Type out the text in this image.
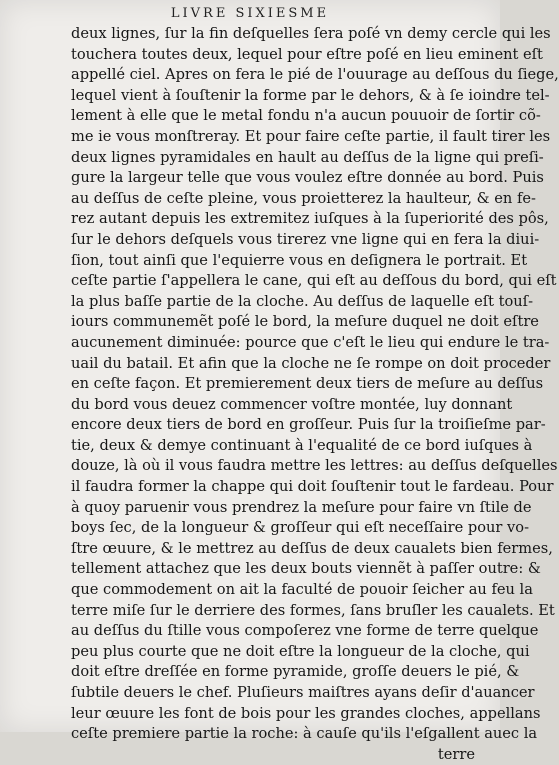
LIVRE SIXIESME
deux lignes, ſur la fin deſquelles ſera poſé vn demy cercle qui les
touchera toutes deux, lequel pour eſtre poſé en lieu eminent eſt
appellé ciel. Apres on fera le pié de l'ouurage au deſſous du ſiege,
lequel vient à ſouſtenir la forme par le dehors, & à ſe ioindre tel-
lement à elle que le metal fondu n'a aucun pouuoir de ſortir cõ-
me ie vous monſtreray. Et pour faire ceſte partie, il fault tirer les
deux lignes pyramidales en hault au deſſus de la ligne qui preſi-
gure la largeur telle que vous voulez eſtre donnée au bord. Puis
au deſſus de ceſte pleine, vous proietterez la haulteur, & en fe-
rez autant depuis les extremitez iuſques à la ſuperiorité des pôs,
ſur le dehors deſquels vous tirerez vne ligne qui en fera la diui-
ſion, tout ainſi que l'equierre vous en deſignera le portrait. Et
ceſte partie ſ'appellera le cane, qui eſt au deſſous du bord, qui eſt
la plus baſſe partie de la cloche. Au deſſus de laquelle eſt touſ-
iours communemẽt poſé le bord, la meſure duquel ne doit eſtre
aucunement diminuée: pource que c'eſt le lieu qui endure le tra-
uail du batail. Et afin que la cloche ne ſe rompe on doit proceder
en ceſte façon. Et premierement deux tiers de meſure au deſſus
du bord vous deuez commencer voſtre montée, luy donnant
encore deux tiers de bord en groſſeur. Puis ſur la troiſieſme par-
tie, deux & demye continuant à l'equalité de ce bord iuſques à
douze, là où il vous faudra mettre les lettres: au deſſus deſquelles
il faudra former la chappe qui doit ſouſtenir tout le fardeau. Pour
à quoy paruenir vous prendrez la meſure pour faire vn ſtile de
boys ſec, de la longueur & groſſeur qui eſt neceſſaire pour vo-
ſtre œuure, & le mettrez au deſſus de deux caualets bien fermes,
tellement attachez que les deux bouts viennẽt à paſſer outre: &
que commodement on ait la faculté de pouoir ſeicher au feu la
terre miſe ſur le derriere des formes, ſans bruſler les caualets. Et
au deſſus du ſtille vous compoſerez vne forme de terre quelque
peu plus courte que ne doit eſtre la longueur de la cloche, qui
doit eſtre dreſſée en forme pyramide, groſſe deuers le pié, &
ſubtile deuers le chef. Pluſieurs maiſtres ayans deſir d'auancer
leur œuure les font de bois pour les grandes cloches, appellans
ceſte premiere partie la roche: à cauſe qu'ils l'eſgallent auec la
terre
